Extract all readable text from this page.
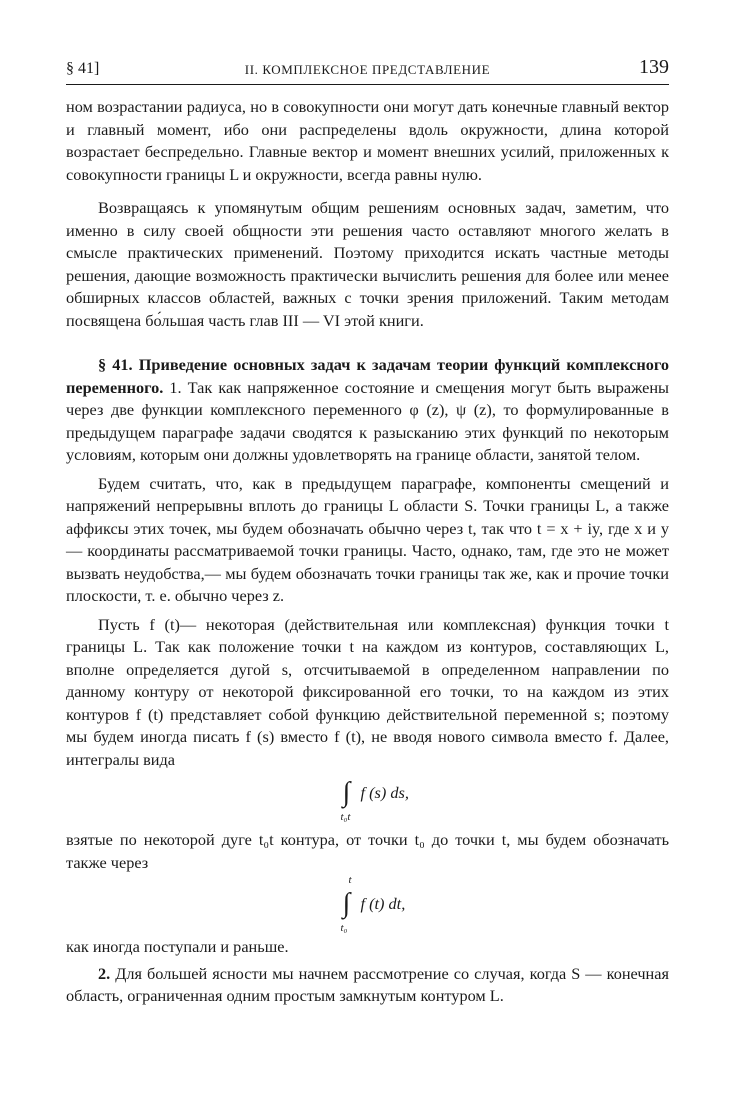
§ 41]	II. КОМПЛЕКСНОЕ ПРЕДСТАВЛЕНИЕ	139

ном возрастании радиуса, но в совокупности они могут дать конечные главный вектор и главный момент, ибо они распределены вдоль окружности, длина которой возрастает беспредельно. Главные вектор и момент внешних усилий, приложенных к совокупности границы L и окружности, всегда равны нулю.

Возвращаясь к упомянутым общим решениям основных задач, заметим, что именно в силу своей общности эти решения часто оставляют многого желать в смысле практических применений. Поэтому приходится искать частные методы решения, дающие возможность практически вычислить решения для более или менее обширных классов областей, важных с точки зрения приложений. Таким методам посвящена бо́льшая часть глав III — VI этой книги.

§ 41. Приведение основных задач к задачам теории функций комплексного переменного. 1. Так как напряженное состояние и смещения могут быть выражены через две функции комплексного переменного φ (z), ψ (z), то формулированные в предыдущем параграфе задачи сводятся к разысканию этих функций по некоторым условиям, которым они должны удовлетворять на границе области, занятой телом.

Будем считать, что, как в предыдущем параграфе, компоненты смещений и напряжений непрерывны вплоть до границы L области S. Точки границы L, а также аффиксы этих точек, мы будем обозначать обычно через t, так что t = x + iy, где x и y — координаты рассматриваемой точки границы. Часто, однако, там, где это не может вызвать неудобства,— мы будем обозначать точки границы так же, как и прочие точки плоскости, т. е. обычно через z.

Пусть f (t)— некоторая (действительная или комплексная) функция точки t границы L. Так как положение точки t на каждом из контуров, составляющих L, вполне определяется дугой s, отсчитываемой в определенном направлении по данному контуру от некоторой фиксированной его точки, то на каждом из этих контуров f (t) представляет собой функцию действительной переменной s; поэтому мы будем иногда писать f (s) вместо f (t), не вводя нового символа вместо f. Далее, интегралы вида

∫ f (s) ds,
t₀t

взятые по некоторой дуге t₀t контура, от точки t₀ до точки t, мы будем обозначать также через

t
∫ f (t) dt,
t₀

как иногда поступали и раньше.

2. Для большей ясности мы начнем рассмотрение со случая, когда S — конечная область, ограниченная одним простым замкнутым контуром L.
